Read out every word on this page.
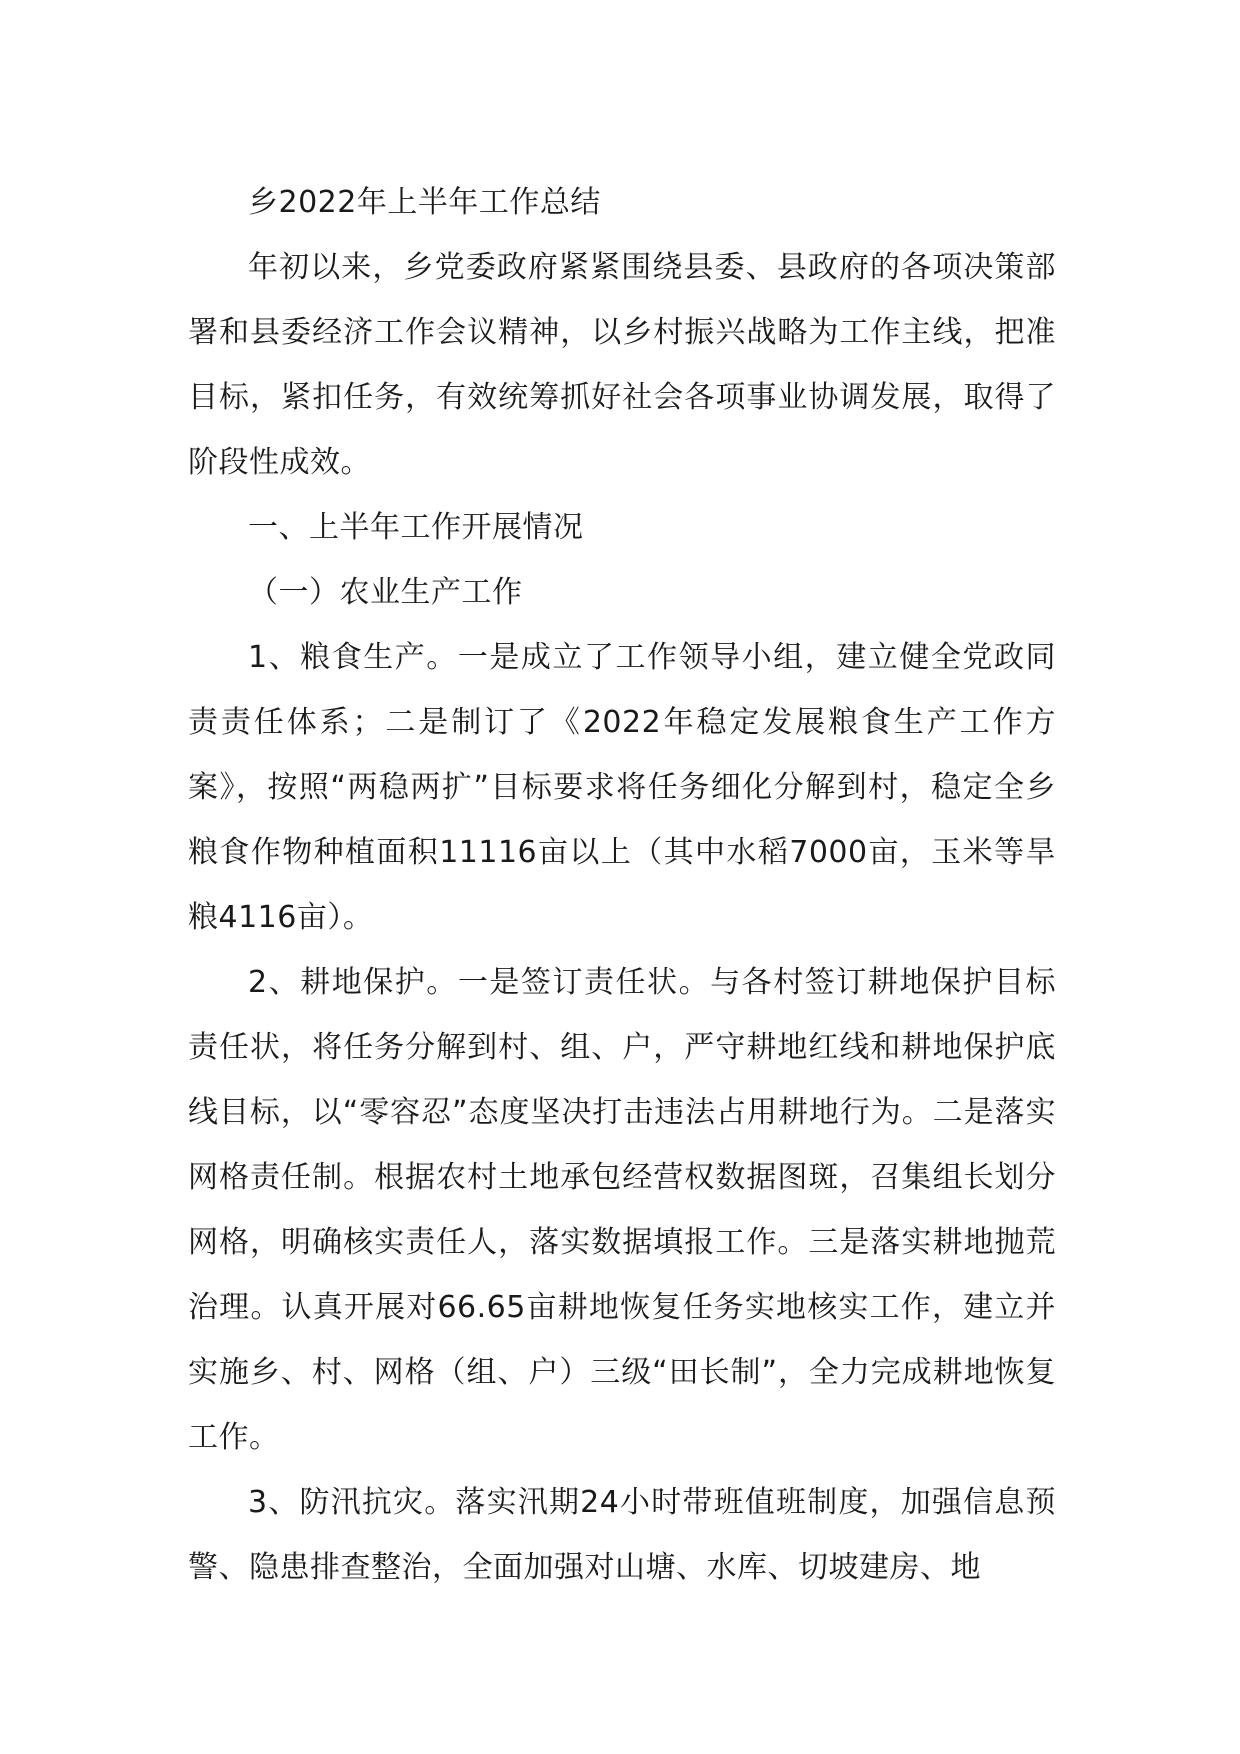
乡2022年上半年工作总结

年初以来，乡党委政府紧紧围绕县委、县政府的各项决策部署和县委经济工作会议精神，以乡村振兴战略为工作主线，把准目标，紧扣任务，有效统筹抓好社会各项事业协调发展，取得了阶段性成效。

一、上半年工作开展情况

（一）农业生产工作

1、粮食生产。一是成立了工作领导小组，建立健全党政同责责任体系；二是制订了《2022年稳定发展粮食生产工作方案》，按照“两稳两扩”目标要求将任务细化分解到村，稳定全乡粮食作物种植面积11116亩以上（其中水稻7000亩，玉米等旱粮4116亩）。

2、耕地保护。一是签订责任状。与各村签订耕地保护目标责任状，将任务分解到村、组、户，严守耕地红线和耕地保护底线目标，以“零容忍”态度坚决打击违法占用耕地行为。二是落实网格责任制。根据农村土地承包经营权数据图斑，召集组长划分网格，明确核实责任人，落实数据填报工作。三是落实耕地抛荒治理。认真开展对66.65亩耕地恢复任务实地核实工作，建立并实施乡、村、网格（组、户）三级“田长制”，全力完成耕地恢复工作。

3、防汛抗灾。落实汛期24小时带班值班制度，加强信息预警、隐患排查整治，全面加强对山塘、水库、切坡建房、地
